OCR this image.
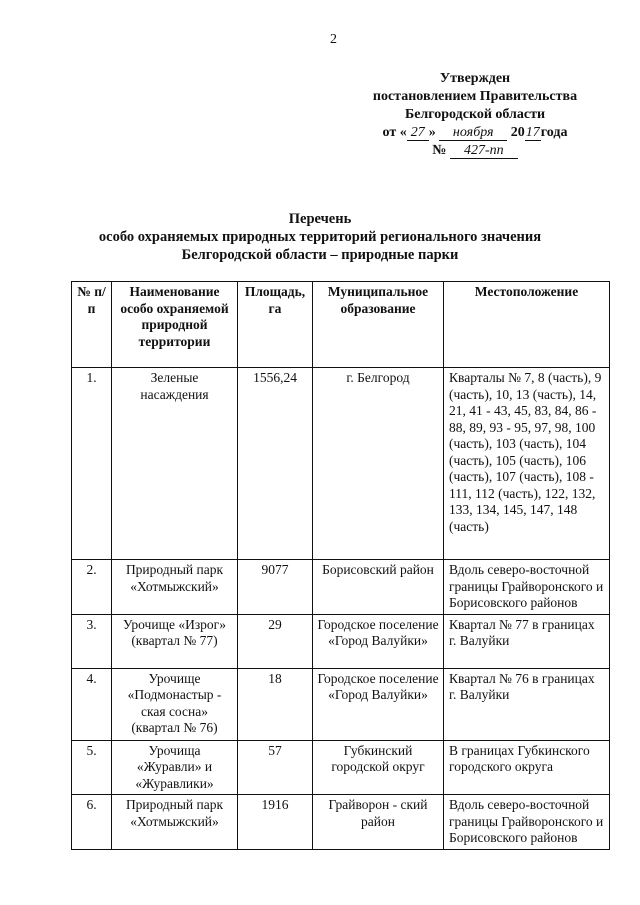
2
Утвержден
постановлением Правительства
Белгородской области
от « 27 » ноября 2017года
№ 427-пп
Перечень
особо охраняемых природных территорий регионального значения
Белгородской области – природные парки
№ п/п	Наименование особо охраняемой природной территории	Площадь, га	Муниципальное образование	Местоположение
1.	Зеленые насаждения	1556,24	г. Белгород	Кварталы № 7, 8 (часть), 9 (часть), 10, 13 (часть), 14, 21, 41 - 43, 45, 83, 84, 86 - 88, 89, 93 - 95, 97, 98, 100 (часть), 103 (часть), 104 (часть), 105 (часть), 106 (часть), 107 (часть), 108 - 111, 112 (часть), 122, 132, 133, 134, 145, 147, 148 (часть)
2.	Природный парк «Хотмыжский»	9077	Борисовский район	Вдоль северо-восточной границы Грайворонского и Борисовского районов
3.	Урочище «Изрог» (квартал № 77)	29	Городское поселение «Город Валуйки»	Квартал № 77 в границах г. Валуйки
4.	Урочище «Подмонастыр - ская сосна» (квартал № 76)	18	Городское поселение «Город Валуйки»	Квартал № 76 в границах г. Валуйки
5.	Урочища «Журавли» и «Журавлики»	57	Губкинский городской округ	В границах Губкинского городского округа
6.	Природный парк «Хотмыжский»	1916	Грайворон - ский район	Вдоль северо-восточной границы Грайворонского и Борисовского районов
